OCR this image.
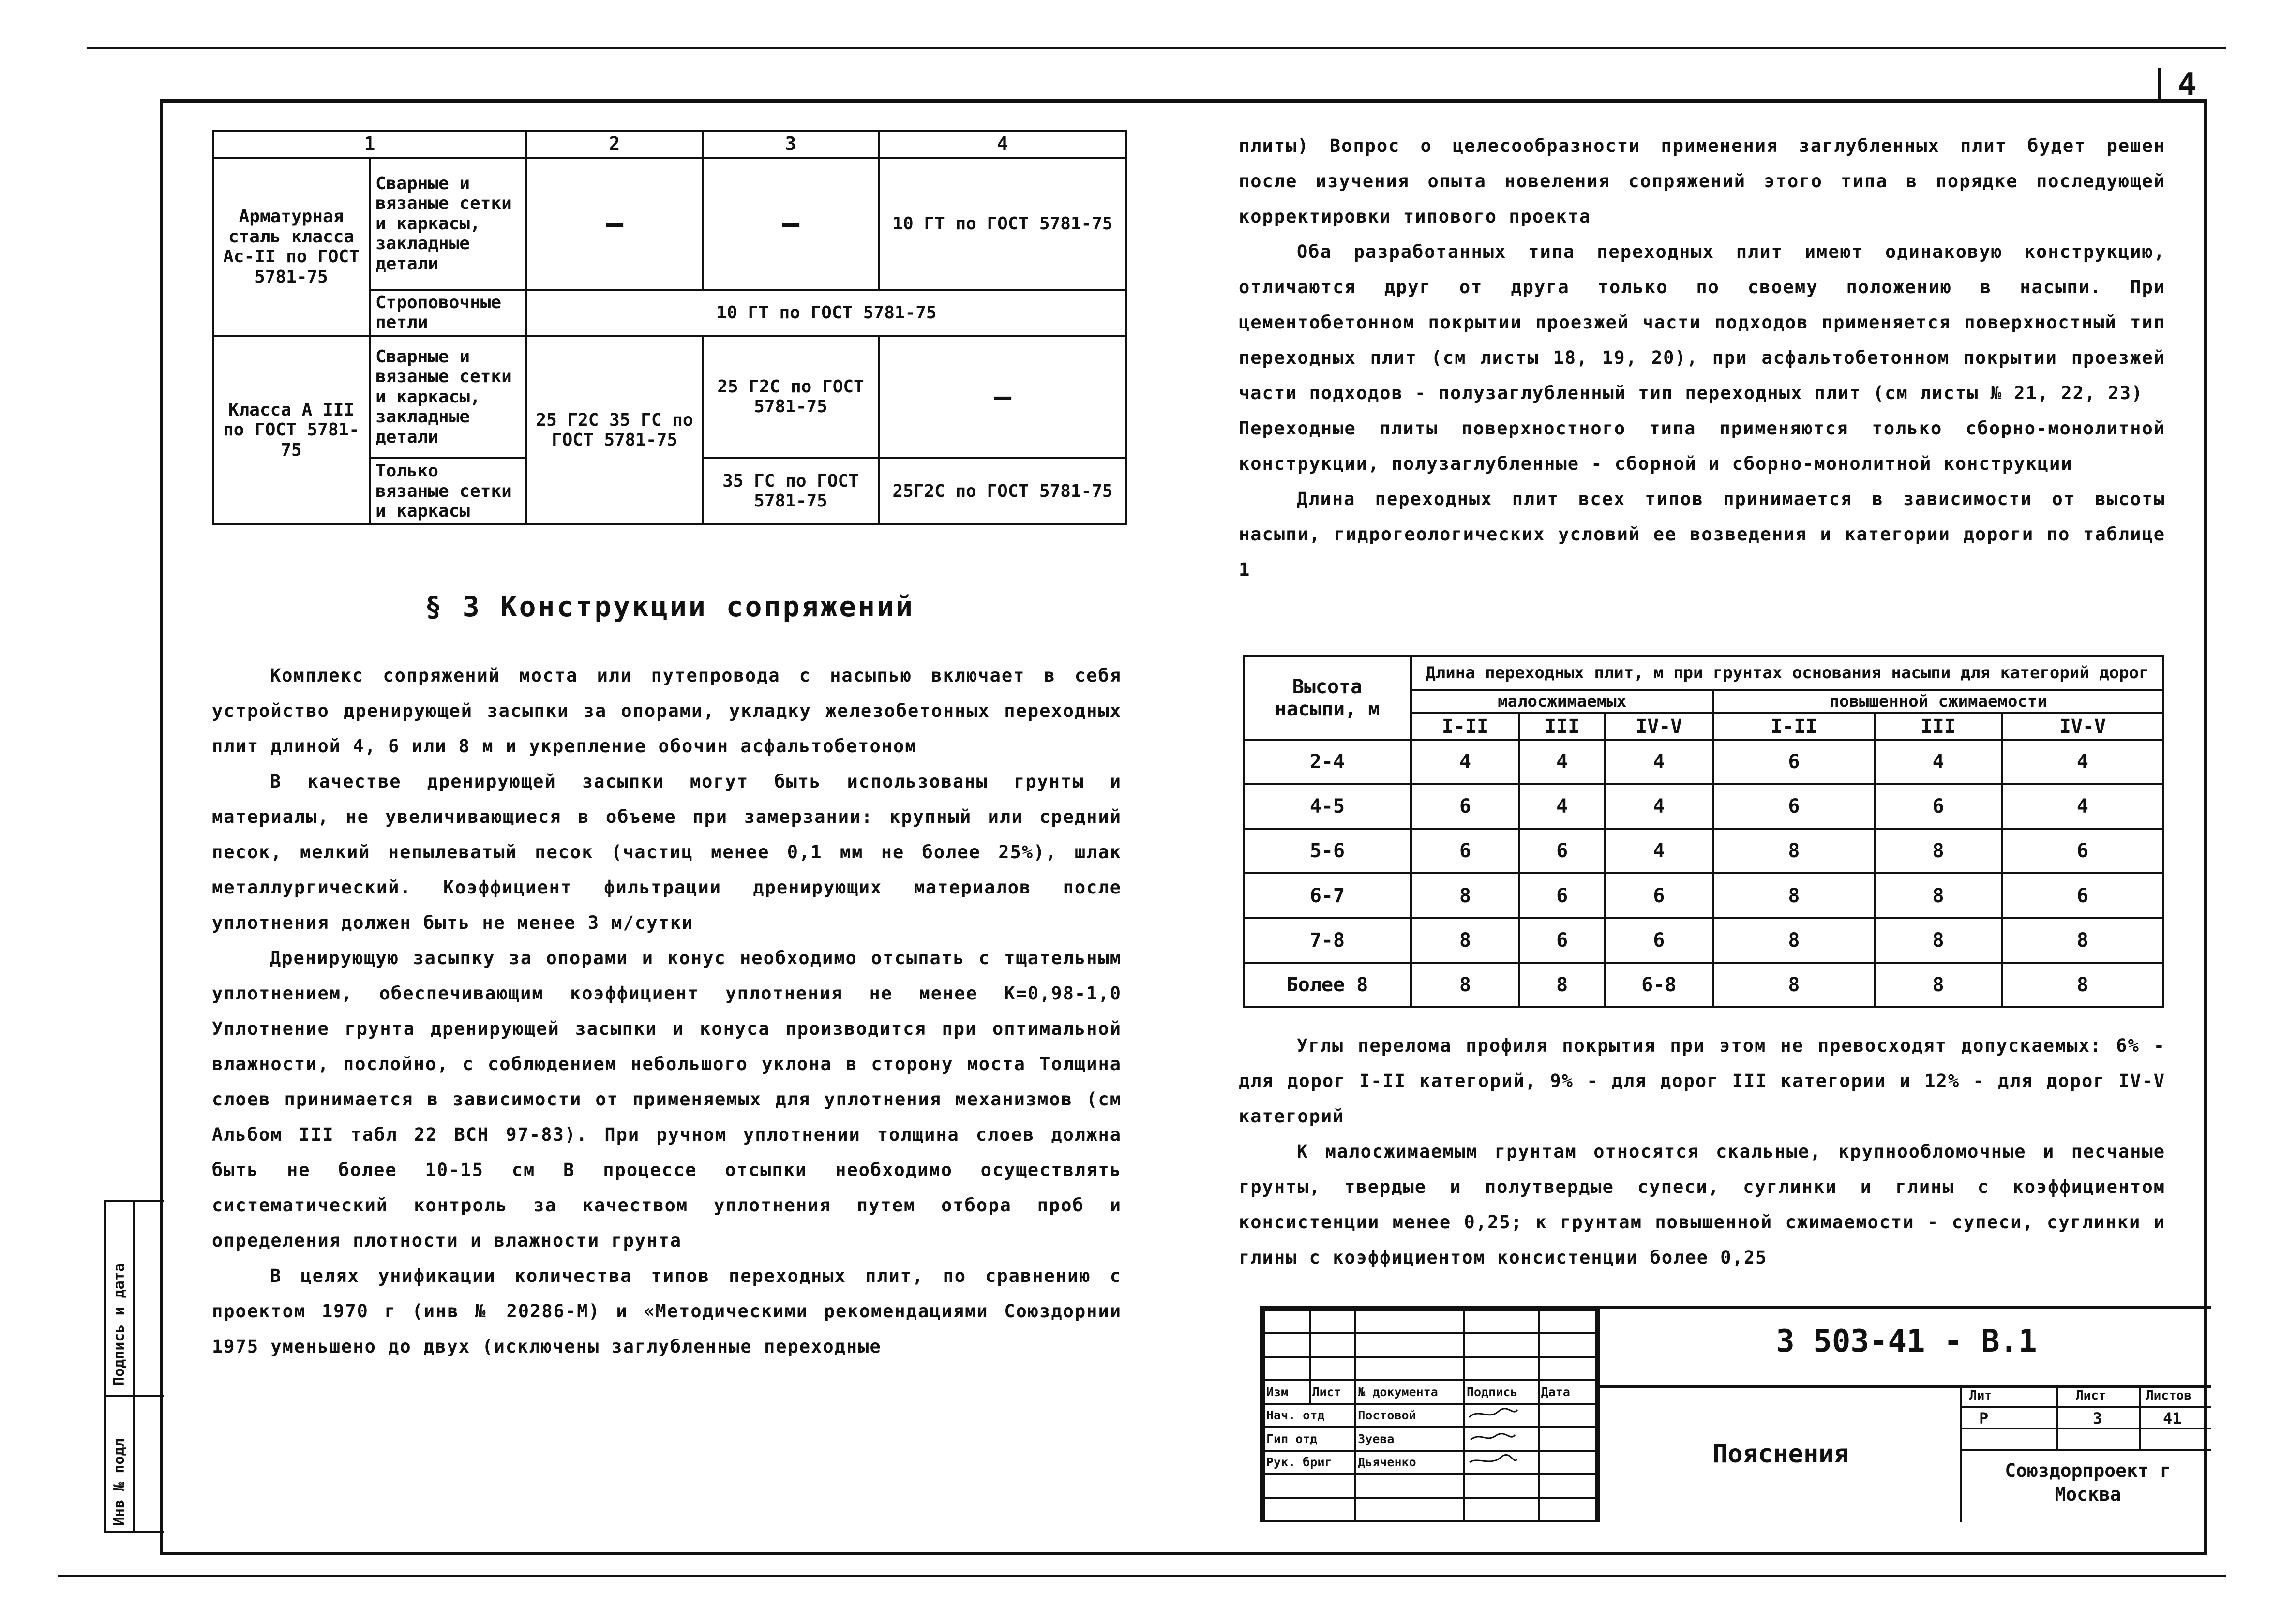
4
Подпись и дата
Инв № подл
1		2	3	4
Арматурная сталь класса Ас-II по ГОСТ 5781-75	Сварные и вязаные сетки и каркасы, закладные детали	—	—	10 ГТ по ГОСТ 5781-75
	Строповочные петли	10 ГТ по ГОСТ 5781-75		
Класса А III по ГОСТ 5781-75	Сварные и вязаные сетки и каркасы, закладные детали	25 Г2С 35 ГС по ГОСТ 5781-75	25 Г2С по ГОСТ 5781-75	—
	Только вязаные сетки и каркасы		35 ГС по ГОСТ 5781-75	25Г2С по ГОСТ 5781-75
§ 3 Конструкции сопряжений

Комплекс сопряжений моста или путепровода с насыпью включает в себя устройство дренирующей засыпки за опорами, укладку железобетонных переходных плит длиной 4, 6 или 8 м и укрепление обочин асфальтобетоном

В качестве дренирующей засыпки могут быть использованы грунты и материалы, не увеличивающиеся в объеме при замерзании: крупный или средний песок, мелкий непылеватый песок (частиц менее 0,1 мм не более 25%), шлак металлургический. Коэффициент фильтрации дренирующих материалов после уплотнения должен быть не менее 3 м/сутки

Дренирующую засыпку за опорами и конус необходимо отсыпать с тщательным уплотнением, обеспечивающим коэффициент уплотнения не менее К=0,98-1,0 Уплотнение грунта дренирующей засыпки и конуса производится при оптимальной влажности, послойно, с соблюдением небольшого уклона в сторону моста Толщина слоев принимается в зависимости от применяемых для уплотнения механизмов (см Альбом III табл 22 ВСН 97-83). При ручном уплотнении толщина слоев должна быть не более 10-15 см В процессе отсыпки необходимо осуществлять систематический контроль за качеством уплотнения путем отбора проб и определения плотности и влажности грунта

В целях унификации количества типов переходных плит, по сравнению с проектом 1970 г (инв № 20286-М) и «Методическими рекомендациями Союздорнии 1975 уменьшено до двух (исключены заглубленные переходные

плиты) Вопрос о целесообразности применения заглубленных плит будет решен после изучения опыта новеления сопряжений этого типа в порядке последующей корректировки типового проекта

Оба разработанных типа переходных плит имеют одинаковую конструкцию, отличаются друг от друга только по своему положению в насыпи. При цементобетонном покрытии проезжей части подходов применяется поверхностный тип переходных плит (см листы 18, 19, 20), при асфальтобетонном покрытии проезжей части подходов - полузаглубленный тип переходных плит (см листы № 21, 22, 23)

Переходные плиты поверхностного типа применяются только сборно-монолитной конструкции, полузаглубленные - сборной и сборно-монолитной конструкции

Длина переходных плит всех типов принимается в зависимости от высоты насыпи, гидрогеологических условий ее возведения и категории дороги по таблице 1

Высота насыпи, м	Длина переходных плит, м при грунтах основания насыпи для категорий дорог					
	малосжимаемых			повышенной сжимаемости		
	I-II	III	IV-V	I-II	III	IV-V
2-4	4	4	4	6	4	4
4-5	6	4	4	6	6	4
5-6	6	6	4	8	8	6
6-7	8	6	6	8	8	6
7-8	8	6	6	8	8	8
Более 8	8	8	6-8	8	8	8

Углы перелома профиля покрытия при этом не превосходят допускаемых: 6% - для дорог I-II категорий, 9% - для дорог III категории и 12% - для дорог IV-V категорий

К малосжимаемым грунтам относятся скальные, крупнообломочные и песчаные грунты, твердые и полутвердые супеси, суглинки и глины с коэффициентом консистенции менее 0,25; к грунтам повышенной сжимаемости - супеси, суглинки и глины с коэффициентом консистенции более 0,25

Изм	Лист	№ документа	Подпись	Дата
Нач. отд		Постовой		
Гип отд		Зуева		
Рук. бриг		Дьяченко		

3 503-41 - В.1
Пояснения
Лит	Лист	Листов
Р	3	41
Союздорпроект г Москва
